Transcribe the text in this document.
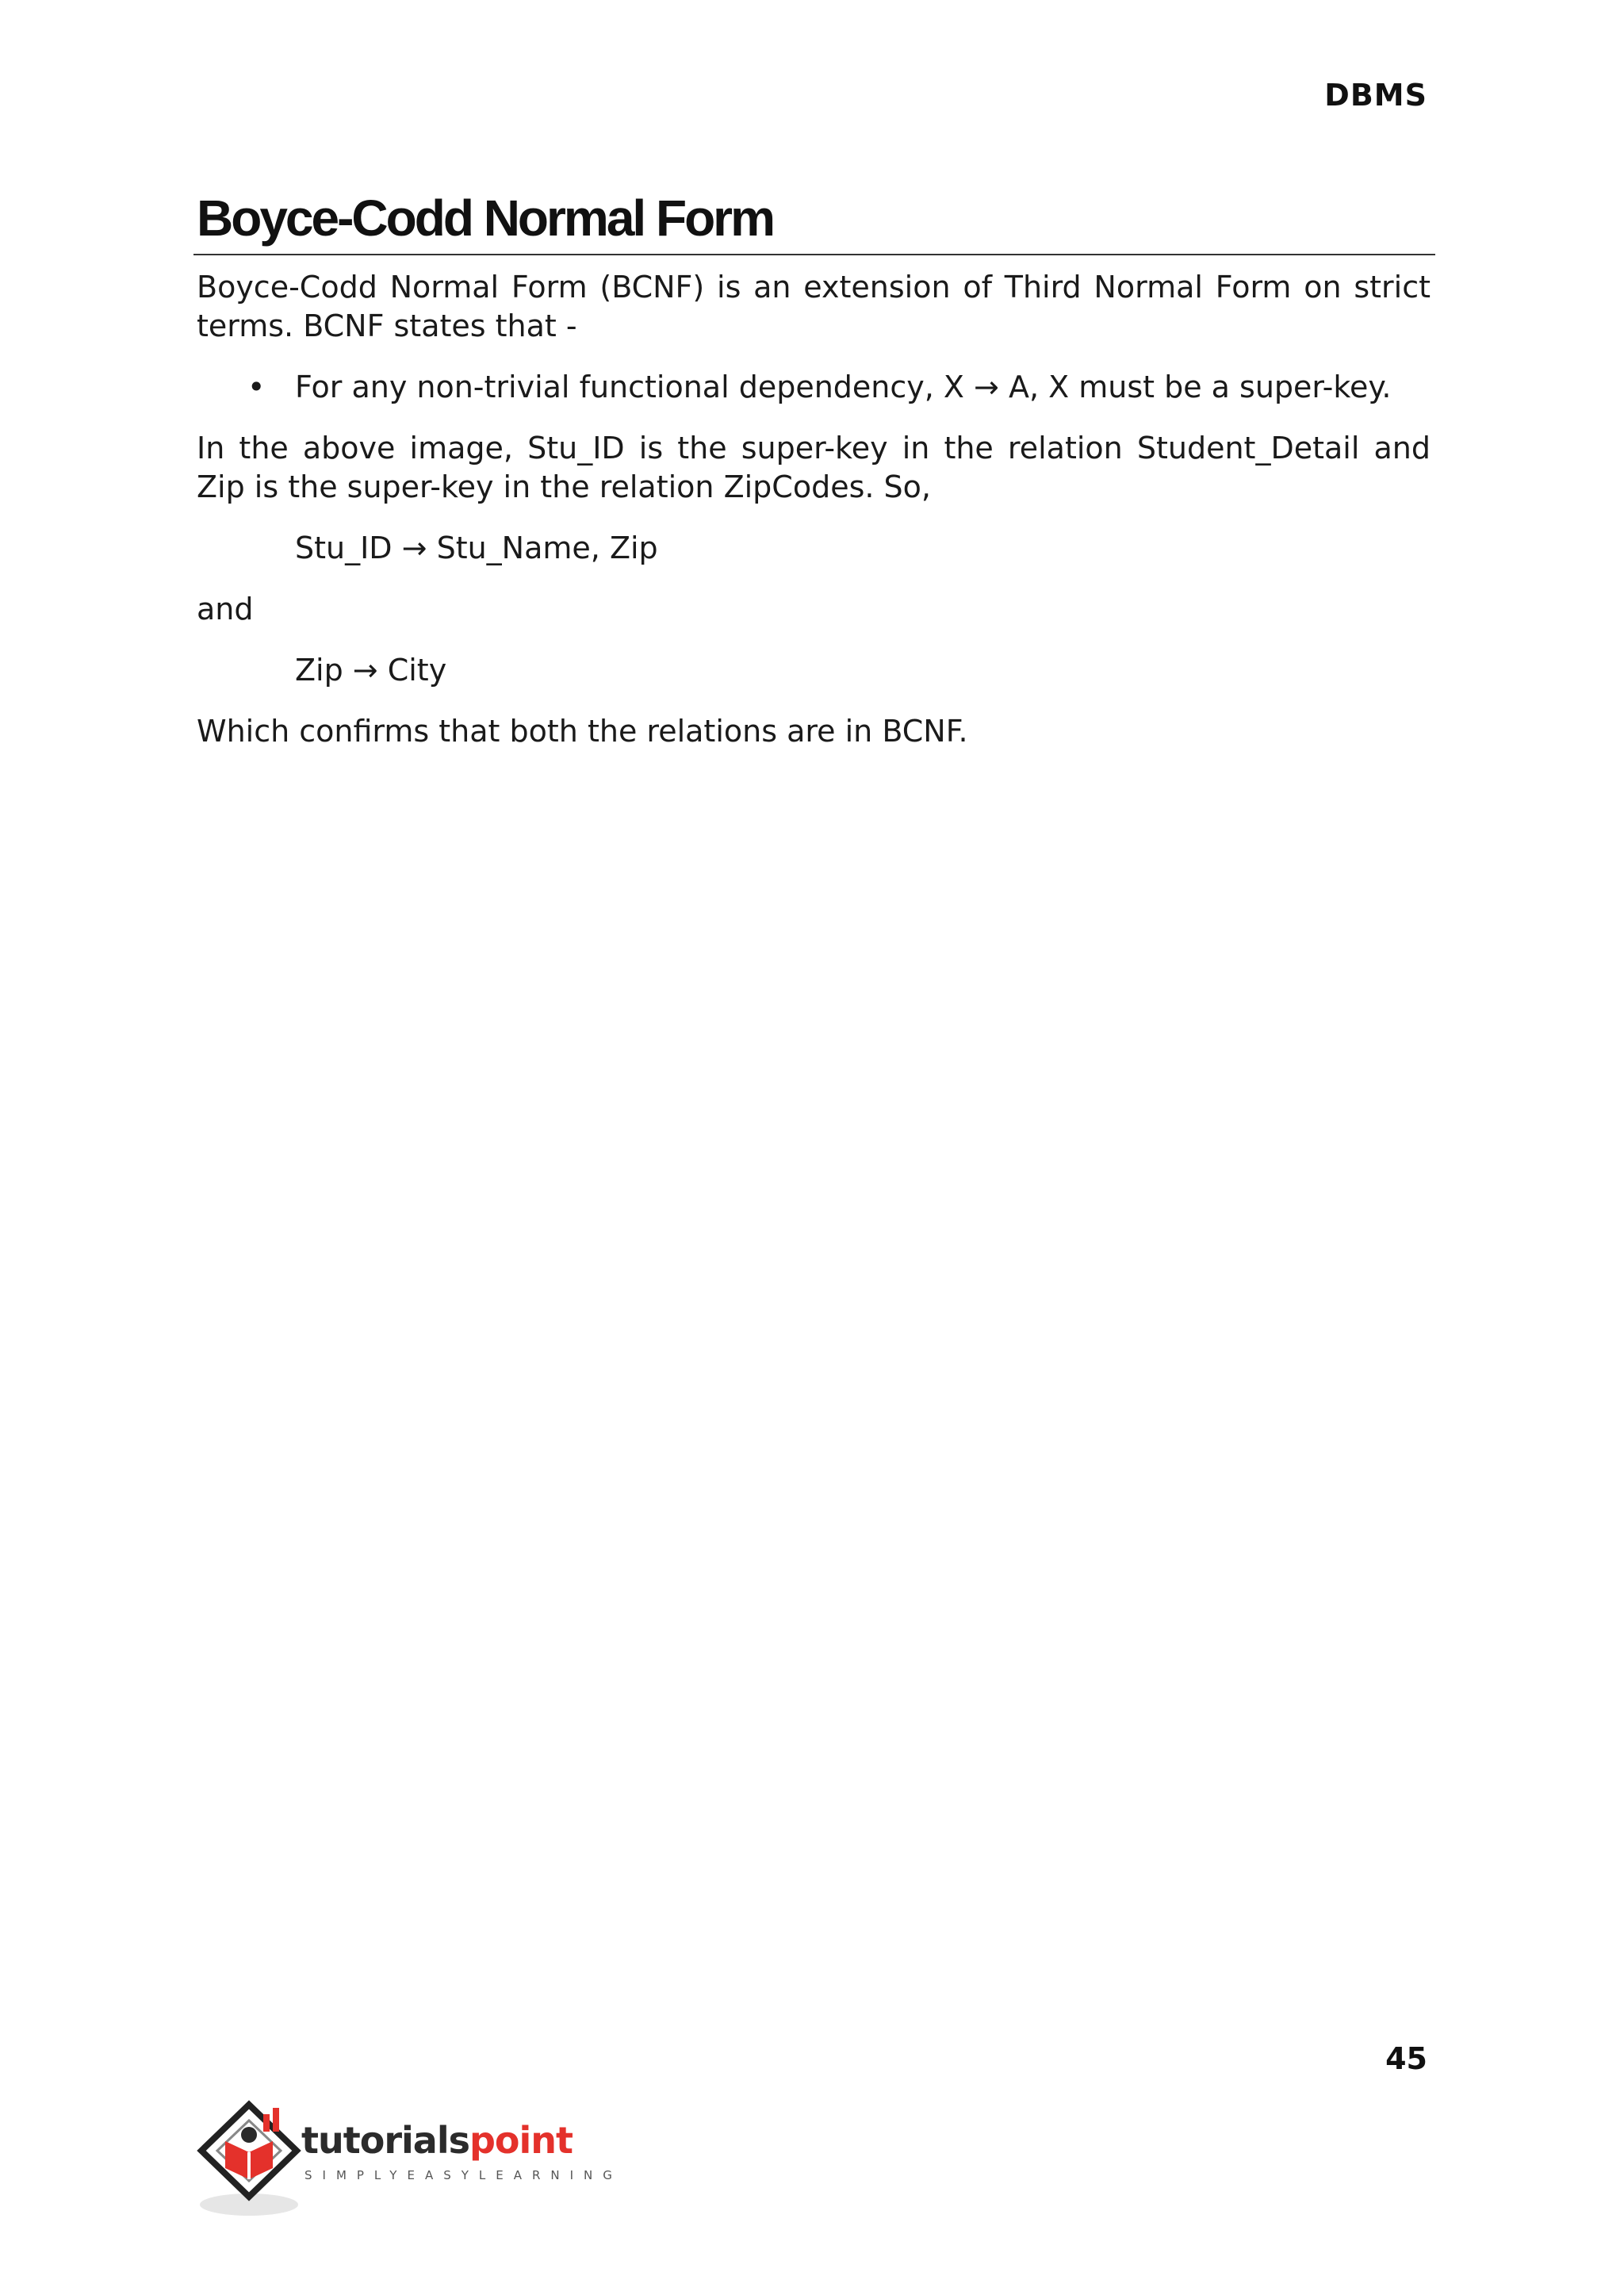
DBMS
Boyce-Codd Normal Form

Boyce-Codd Normal Form (BCNF) is an extension of Third Normal Form on strict terms. BCNF states that -

• For any non-trivial functional dependency, X → A, X must be a super-key.

In the above image, Stu_ID is the super-key in the relation Student_Detail and Zip is the super-key in the relation ZipCodes. So,

Stu_ID → Stu_Name, Zip

and

Zip → City

Which confirms that both the relations are in BCNF.

45
tutorialspoint
SIMPLYEASYLEARNING
